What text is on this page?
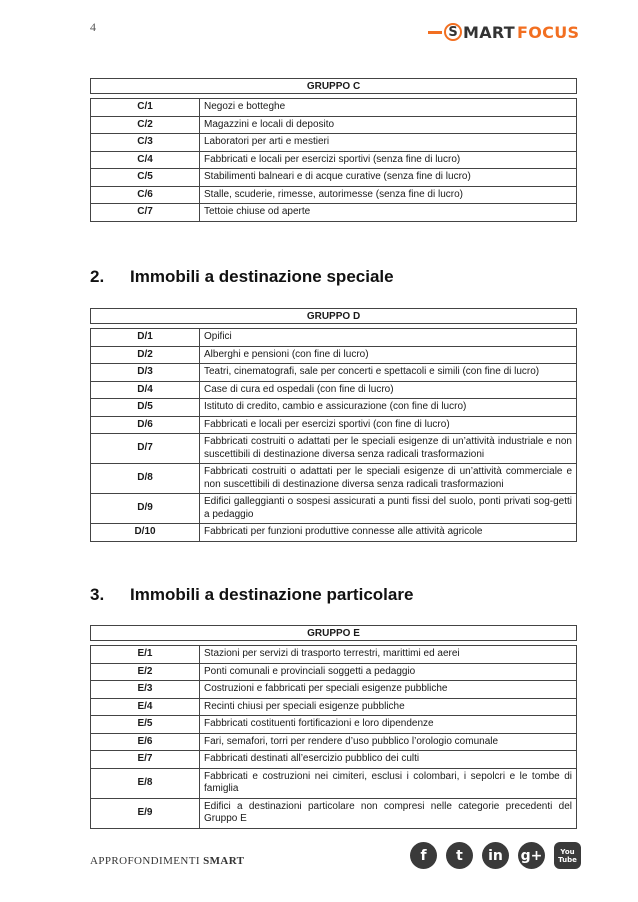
4	S MART FOCUS
GRUPPO C
C/1	Negozi e botteghe
C/2	Magazzini e locali di deposito
C/3	Laboratori per arti e mestieri
C/4	Fabbricati e locali per esercizi sportivi (senza fine di lucro)
C/5	Stabilimenti balneari e di acque curative (senza fine di lucro)
C/6	Stalle, scuderie, rimesse, autorimesse (senza fine di lucro)
C/7	Tettoie chiuse od aperte
2.	Immobili a destinazione speciale
GRUPPO D
D/1	Opifici
D/2	Alberghi e pensioni (con fine di lucro)
D/3	Teatri, cinematografi, sale per concerti e spettacoli e simili (con fine di lucro)
D/4	Case di cura ed ospedali (con fine di lucro)
D/5	Istituto di credito, cambio e assicurazione (con fine di lucro)
D/6	Fabbricati e locali per esercizi sportivi (con fine di lucro)
D/7	Fabbricati costruiti o adattati per le speciali esigenze di un’attività industriale e non suscettibili di destinazione diversa senza radicali trasformazioni
D/8	Fabbricati costruiti o adattati per le speciali esigenze di un’attività commerciale e non suscettibili di destinazione diversa senza radicali trasformazioni
D/9	Edifici galleggianti o sospesi assicurati a punti fissi del suolo, ponti privati sog-getti a pedaggio
D/10	Fabbricati per funzioni produttive connesse alle attività agricole
3.	Immobili a destinazione particolare
GRUPPO E
E/1	Stazioni per servizi di trasporto terrestri, marittimi ed aerei
E/2	Ponti comunali e provinciali soggetti a pedaggio
E/3	Costruzioni e fabbricati per speciali esigenze pubbliche
E/4	Recinti chiusi per speciali esigenze pubbliche
E/5	Fabbricati costituenti fortificazioni e loro dipendenze
E/6	Fari, semafori, torri per rendere d’uso pubblico l’orologio comunale
E/7	Fabbricati destinati all’esercizio pubblico dei culti
E/8	Fabbricati e costruzioni nei cimiteri, esclusi i colombari, i sepolcri e le tombe di famiglia
E/9	Edifici a destinazioni particolare non compresi nelle categorie precedenti del Gruppo E
APPROFONDIMENTI SMART	f	t	in	g+	You
Tube
